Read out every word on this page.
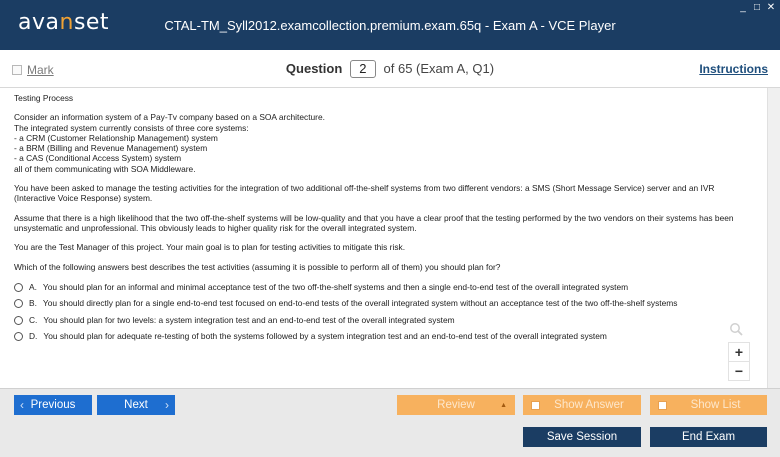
avanset	CTAL-TM_Syll2012.examcollection.premium.exam.65q - Exam A - VCE Player
_ □ ✕
Mark	Question 2 of 65 (Exam A, Q1)	Instructions

Testing Process

Consider an information system of a Pay-Tv company based on a SOA architecture.
The integrated system currently consists of three core systems:
- a CRM (Customer Relationship Management) system
- a BRM (Billing and Revenue Management) system
- a CAS (Conditional Access System) system
all of them communicating with SOA Middleware.

You have been asked to manage the testing activities for the integration of two additional off-the-shelf systems from two different vendors: a SMS (Short Message Service) server and an IVR (Interactive Voice Response) system.

Assume that there is a high likelihood that the two off-the-shelf systems will be low-quality and that you have a clear proof that the testing performed by the two vendors on their systems has been unsystematic and unprofessional. This obviously leads to higher quality risk for the overall integrated system.

You are the Test Manager of this project. Your main goal is to plan for testing activities to mitigate this risk.

Which of the following answers best describes the test activities (assuming it is possible to perform all of them) you should plan for?

A. You should plan for an informal and minimal acceptance test of the two off-the-shelf systems and then a single end-to-end test of the overall integrated system
B. You should directly plan for a single end-to-end test focused on end-to-end tests of the overall integrated system without an acceptance test of the two off-the-shelf systems
C. You should plan for two levels: a system integration test and an end-to-end test of the overall integrated system
D. You should plan for adequate re-testing of both the systems followed by a system integration test and an end-to-end test of the overall integrated system
+
−
‹ Previous	Next ›	Review	▲	Show Answer	Show List
Save Session	End Exam
